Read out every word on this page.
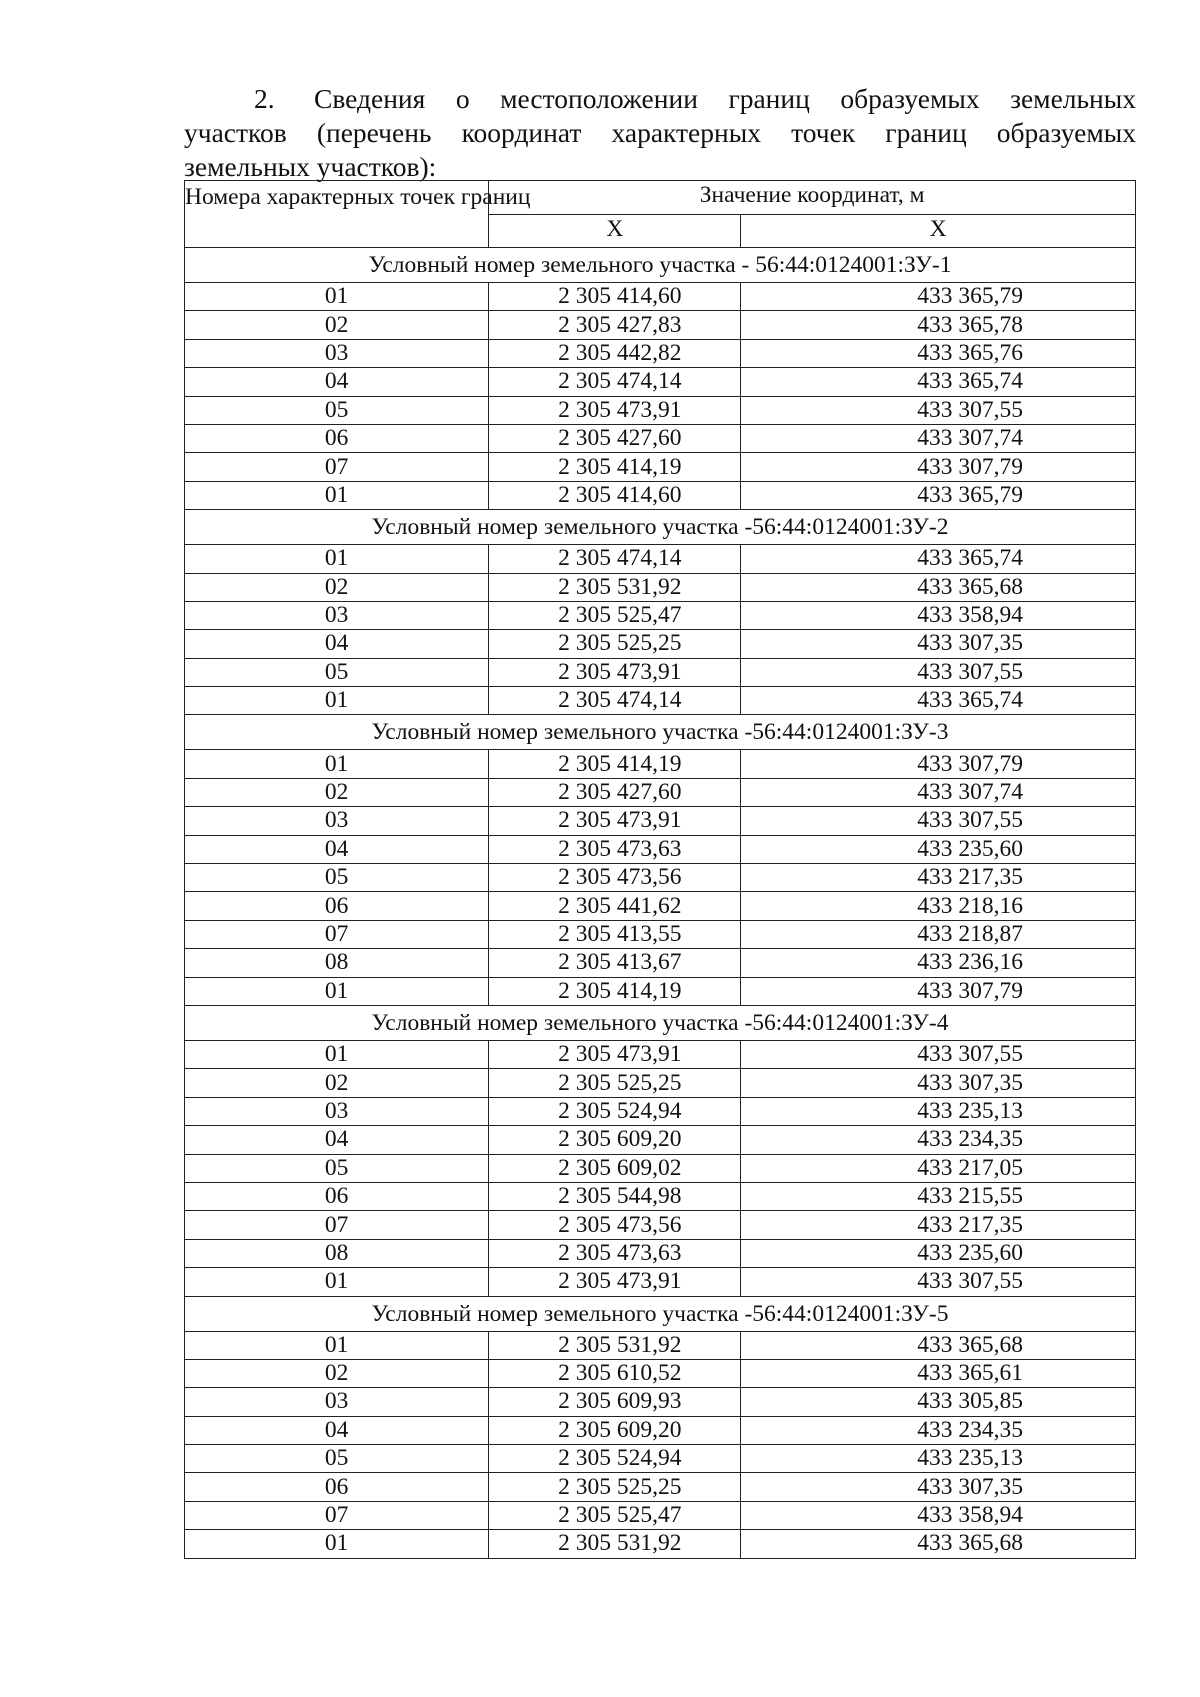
2. Сведения о местоположении границ образуемых земельных
участков (перечень координат характерных точек границ образуемых
земельных участков):
Номера характерных точек границ	Значение координат, м	
	X	X
Условный номер земельного участка - 56:44:0124001:ЗУ-1		
01	2 305 414,60	433 365,79
02	2 305 427,83	433 365,78
03	2 305 442,82	433 365,76
04	2 305 474,14	433 365,74
05	2 305 473,91	433 307,55
06	2 305 427,60	433 307,74
07	2 305 414,19	433 307,79
01	2 305 414,60	433 365,79
Условный номер земельного участка -56:44:0124001:ЗУ-2		
01	2 305 474,14	433 365,74
02	2 305 531,92	433 365,68
03	2 305 525,47	433 358,94
04	2 305 525,25	433 307,35
05	2 305 473,91	433 307,55
01	2 305 474,14	433 365,74
Условный номер земельного участка -56:44:0124001:ЗУ-3		
01	2 305 414,19	433 307,79
02	2 305 427,60	433 307,74
03	2 305 473,91	433 307,55
04	2 305 473,63	433 235,60
05	2 305 473,56	433 217,35
06	2 305 441,62	433 218,16
07	2 305 413,55	433 218,87
08	2 305 413,67	433 236,16
01	2 305 414,19	433 307,79
Условный номер земельного участка -56:44:0124001:ЗУ-4		
01	2 305 473,91	433 307,55
02	2 305 525,25	433 307,35
03	2 305 524,94	433 235,13
04	2 305 609,20	433 234,35
05	2 305 609,02	433 217,05
06	2 305 544,98	433 215,55
07	2 305 473,56	433 217,35
08	2 305 473,63	433 235,60
01	2 305 473,91	433 307,55
Условный номер земельного участка -56:44:0124001:ЗУ-5		
01	2 305 531,92	433 365,68
02	2 305 610,52	433 365,61
03	2 305 609,93	433 305,85
04	2 305 609,20	433 234,35
05	2 305 524,94	433 235,13
06	2 305 525,25	433 307,35
07	2 305 525,47	433 358,94
01	2 305 531,92	433 365,68
